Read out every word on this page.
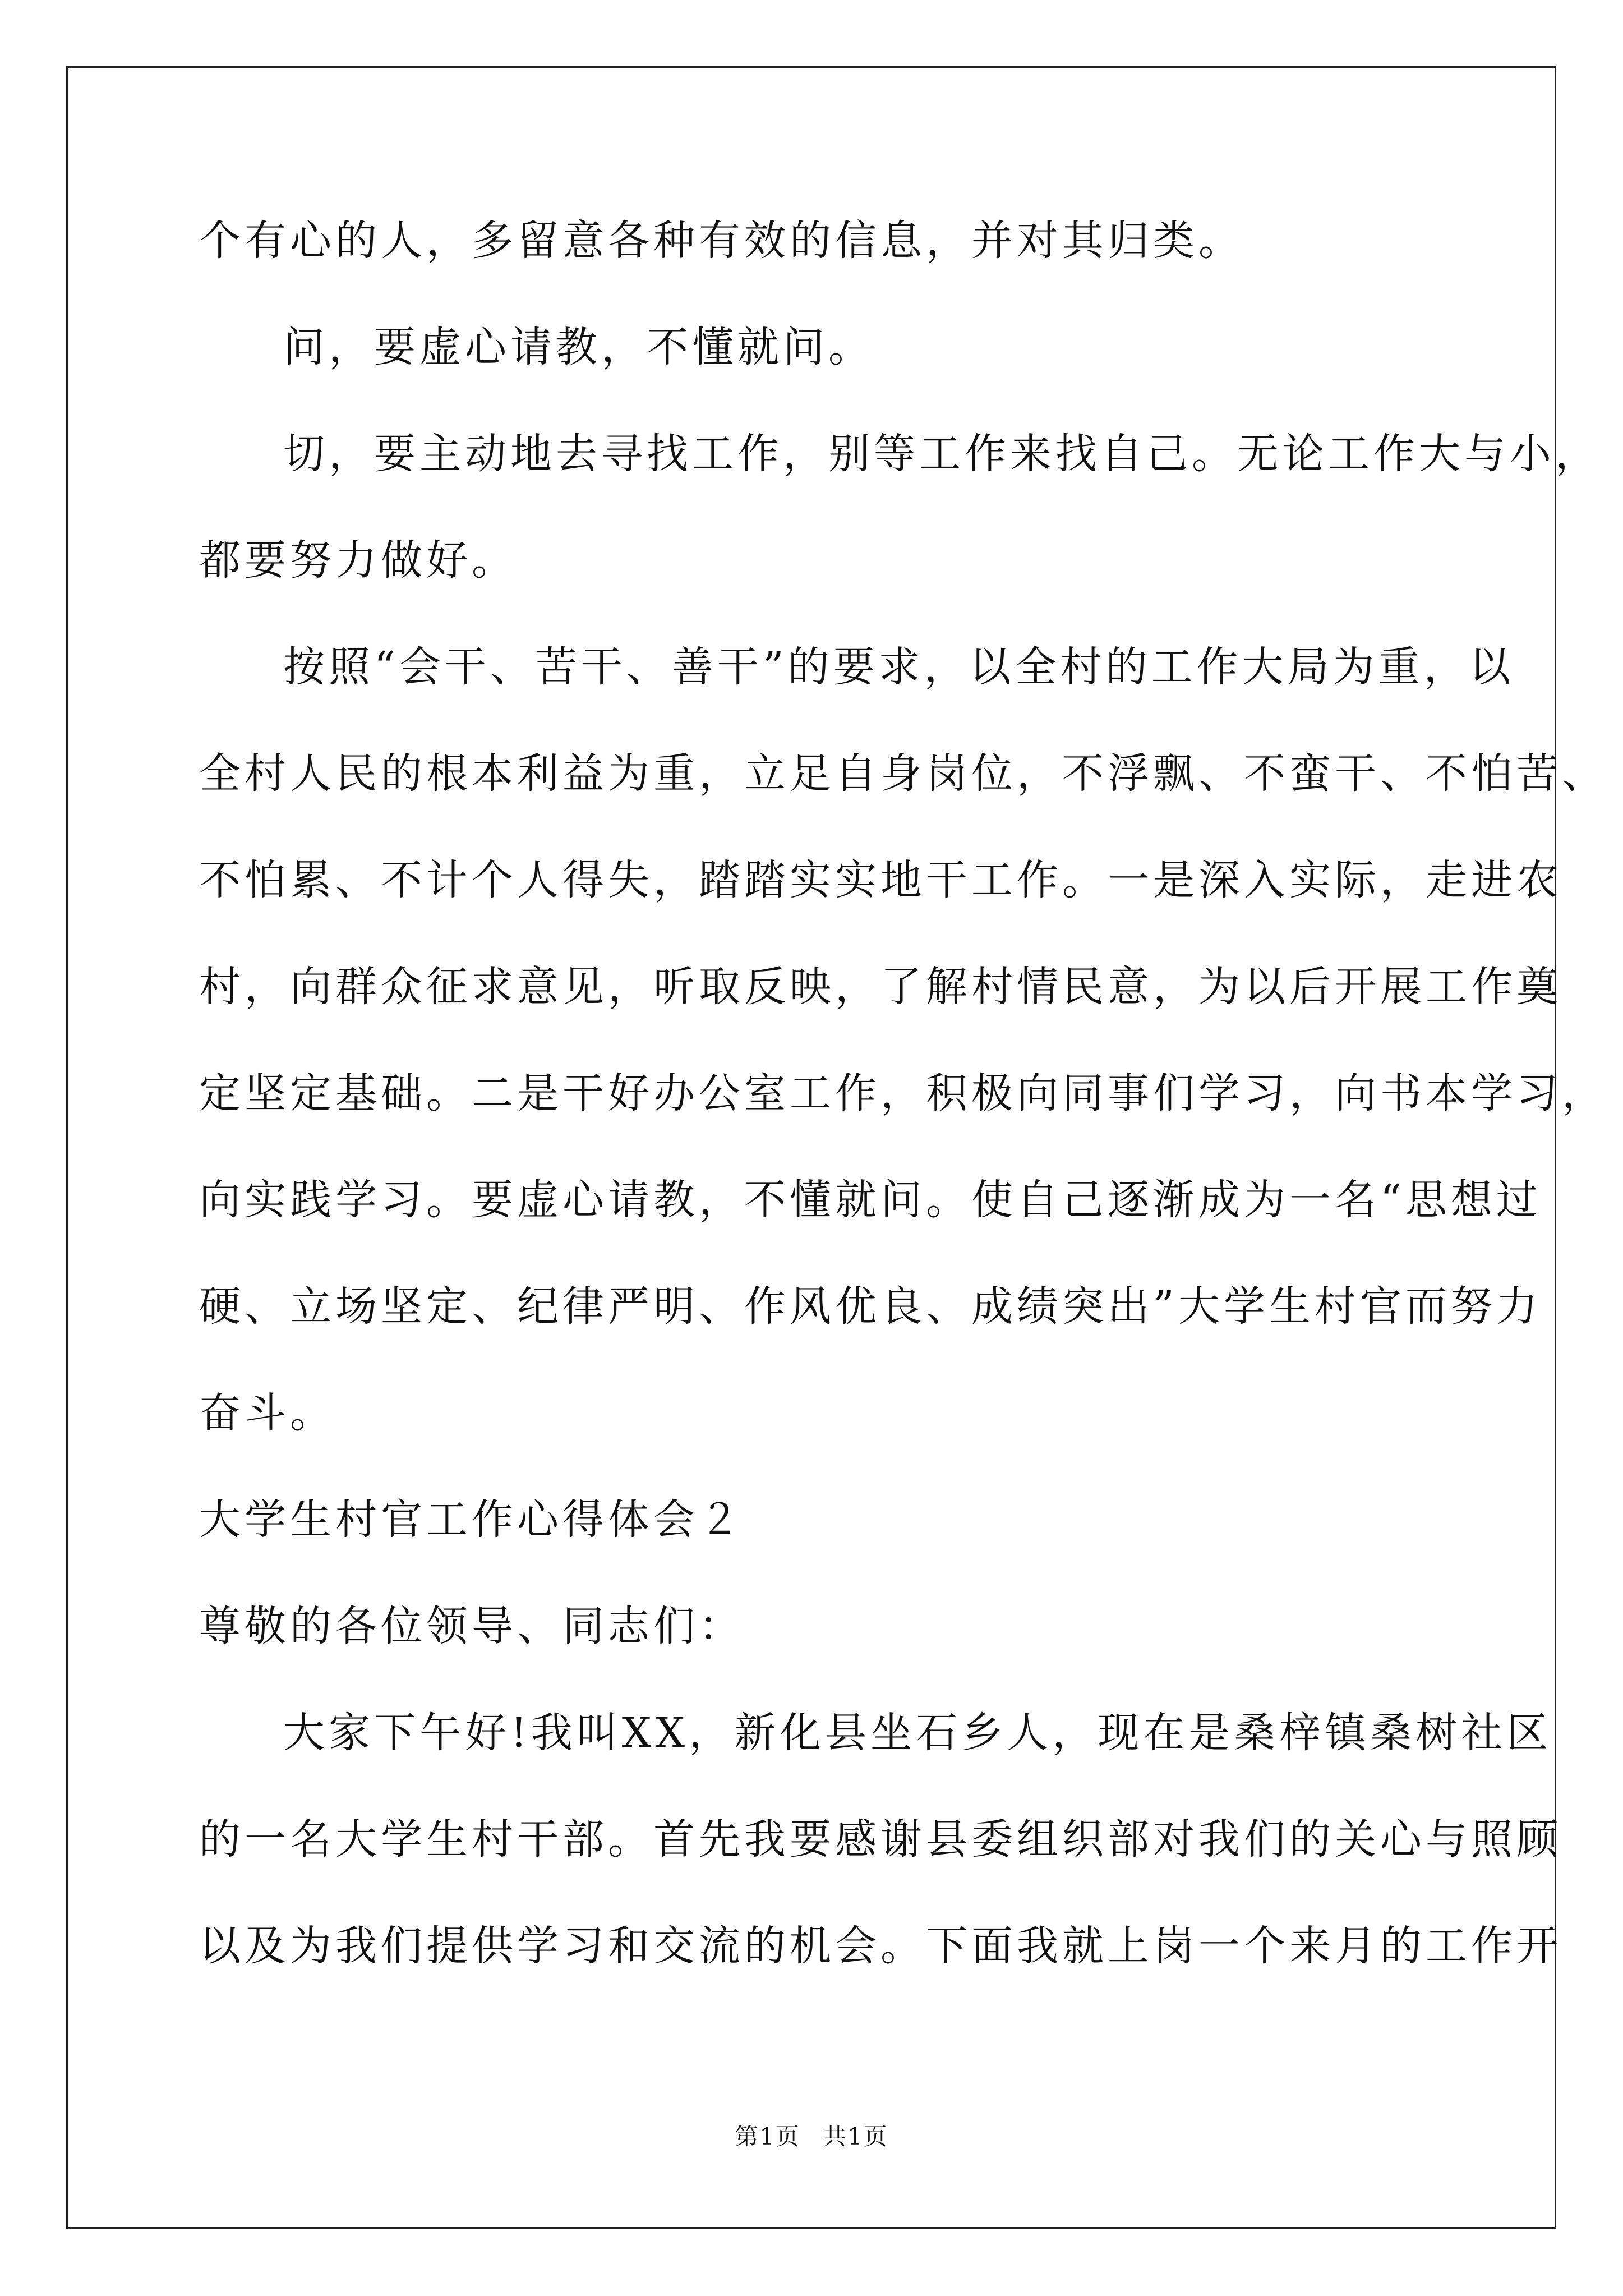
个有心的人，多留意各种有效的信息，并对其归类。
问，要虚心请教，不懂就问。
切，要主动地去寻找工作，别等工作来找自己。无论工作大与小，
都要努力做好。
按照“会干、苦干、善干”的要求，以全村的工作大局为重，以
全村人民的根本利益为重，立足自身岗位，不浮飘、不蛮干、不怕苦、
不怕累、不计个人得失，踏踏实实地干工作。一是深入实际，走进农
村，向群众征求意见，听取反映，了解村情民意，为以后开展工作奠
定坚定基础。二是干好办公室工作，积极向同事们学习，向书本学习，
向实践学习。要虚心请教，不懂就问。使自己逐渐成为一名“思想过
硬、立场坚定、纪律严明、作风优良、成绩突出”大学生村官而努力
奋斗。
大学生村官工作心得体会２
尊敬的各位领导、同志们：
大家下午好!我叫XX，新化县坐石乡人，现在是桑梓镇桑树社区
的一名大学生村干部。首先我要感谢县委组织部对我们的关心与照顾
以及为我们提供学习和交流的机会。下面我就上岗一个来月的工作开
第1页 共1页
